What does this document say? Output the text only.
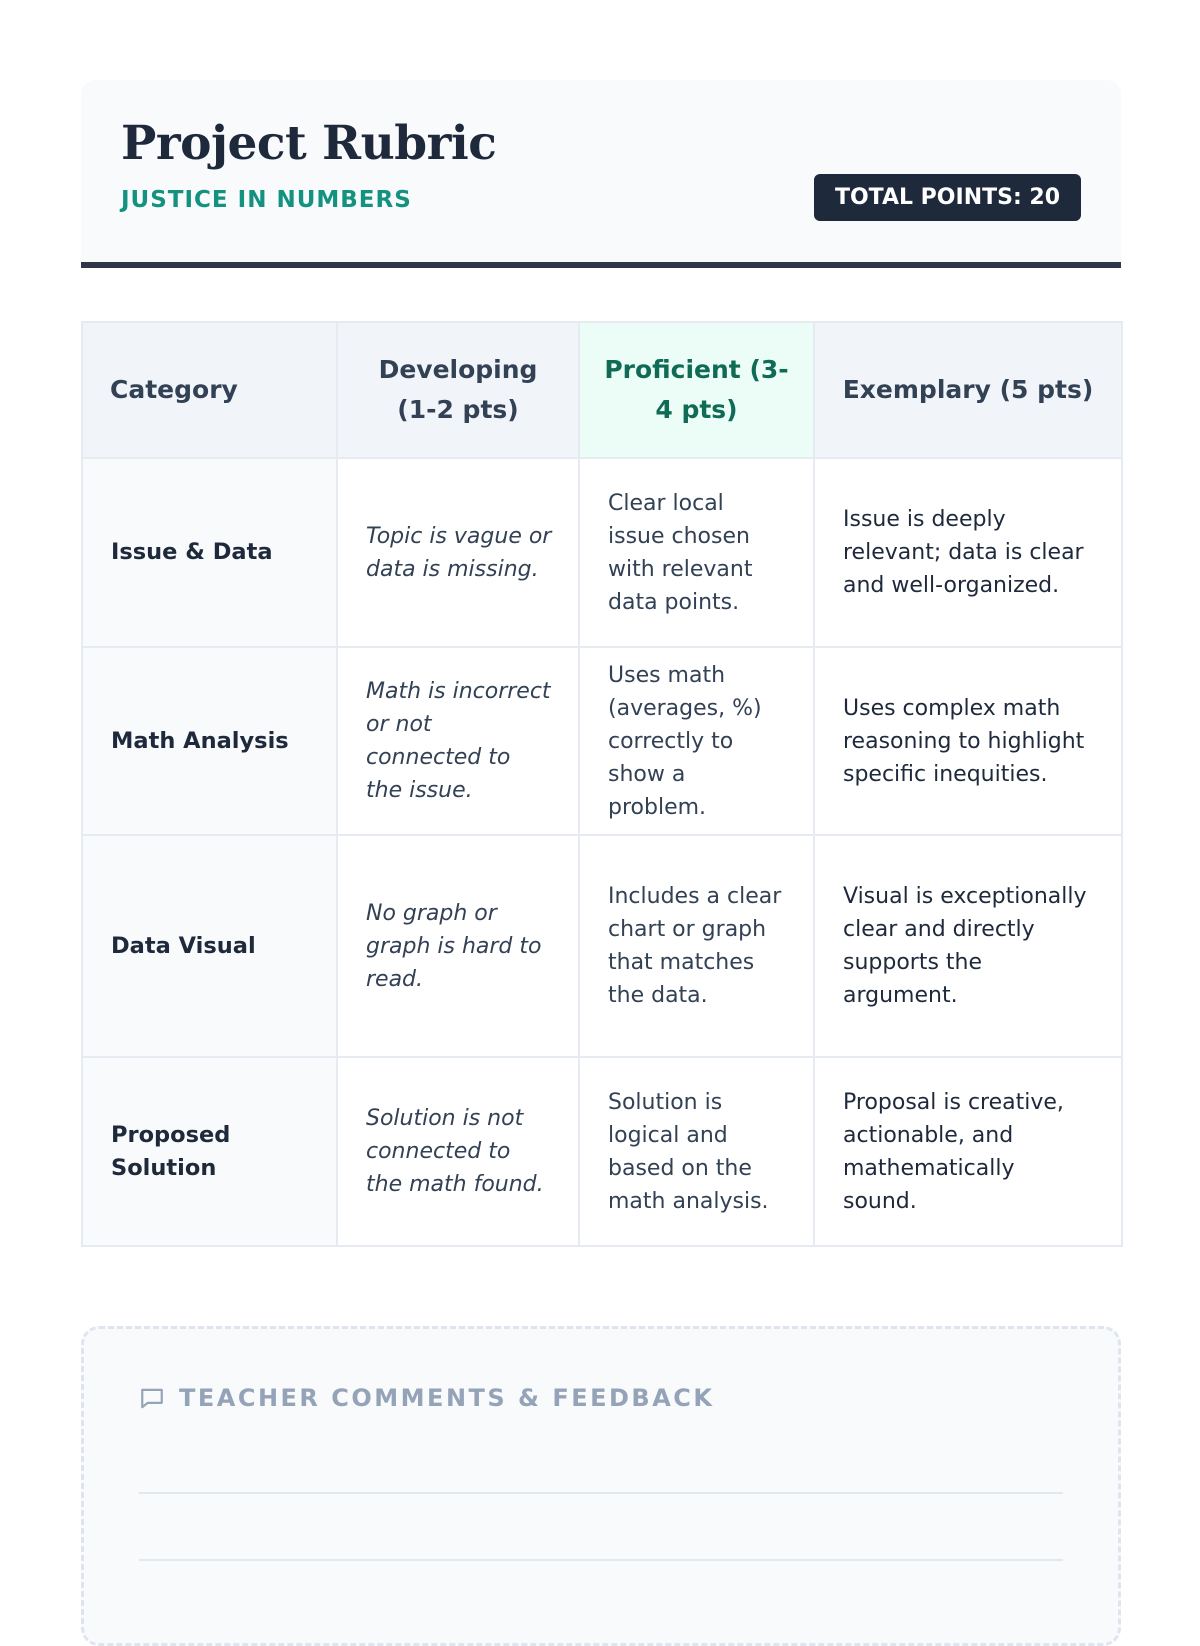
Project Rubric
JUSTICE IN NUMBERS	TOTAL POINTS: 20
Category	Developing (1-2 pts)	Proficient (3-4 pts)	Exemplary (5 pts)
Issue & Data	Topic is vague or data is missing.	Clear local issue chosen with relevant data points.	Issue is deeply relevant; data is clear and well-organized.
Math Analysis	Math is incorrect or not connected to the issue.	Uses math (averages, %) correctly to show a problem.	Uses complex math reasoning to highlight specific inequities.
Data Visual	No graph or graph is hard to read.	Includes a clear chart or graph that matches the data.	Visual is exceptionally clear and directly supports the argument.
Proposed Solution	Solution is not connected to the math found.	Solution is logical and based on the math analysis.	Proposal is creative, actionable, and mathematically sound.
TEACHER COMMENTS & FEEDBACK
